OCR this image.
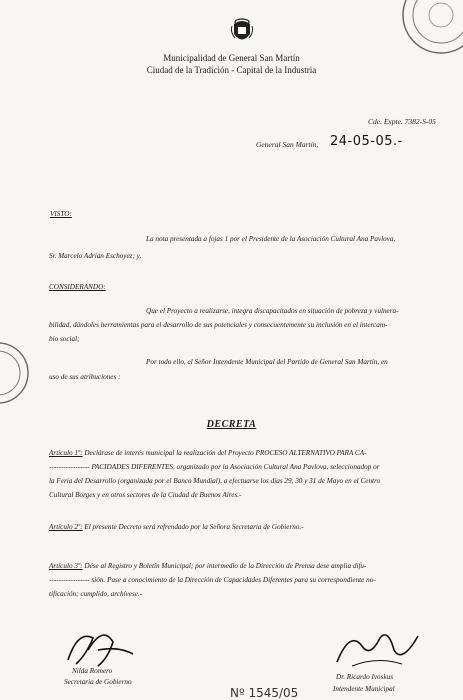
Municipalidad de General San Martín
Ciudad de la Tradición - Capital de la Industria
Cde. Expte. 7382-S-05
General San Martín, 24-05-05.-
VISTO:
La nota presentada a fojas 1 por el Presidente de la Asociación Cultural Ana Pavlova,
Sr. Marcelo Adrian Eschoyez; y,
CONSIDERANDO:
Que el Proyecto a realizarse, integra discapacitados en situación de pobreza y vulnera-
bilidad, dándoles herramientas para el desarrollo de sus potenciales y consecuentemente su inclusión en el intercam-
bio social;
Por todo ello, el Señor Intendente Municipal del Partido de General San Martín, en
uso de sus atribuciones :
DECRETA
Artículo 1º: Declárase de interés municipal la realización del Proyecto PROCESO ALTERNATIVO PARA CA-
----------------- PACIDADES DIFERENTES, organizado por la Asociación Cultural Ana Pavlova, seleccionadop or
la Feria del Desarrollo (organizada por el Banco Mundial), a efectuarse los días 29, 30 y 31 de Mayo en el Centro
Cultural Borges y en otros sectores de la Ciudad de Buenos Aires.-
Artículo 2º: El presente Decreto será refrendado por la Señora Secretaria de Gobierno.-
Artículo 3º: Dése al Registro y Boletín Municipal; por intermedio de la Dirección de Prensa dese amplia difu-
----------------- sión. Pase a conocimiento de la Dirección de Capacidades Diferentes para su correspondiente no-
tificación; cumplido, archívese.-
Nilda Romero
Secretaria de Gobierno
Dr. Ricardo Ivoskus
Intendente Municipal
Nº 1545/05
